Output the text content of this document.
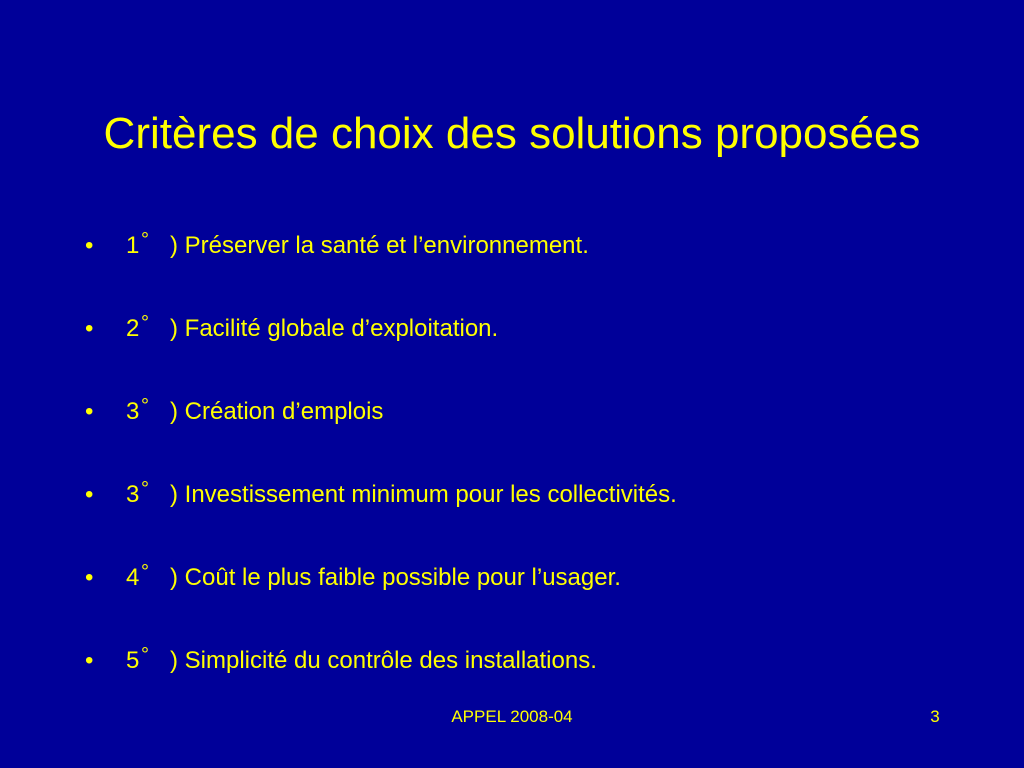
Critères de choix des solutions proposées
•	1 ° ) Préserver la santé et l’environnement.
•	2 ° ) Facilité globale d’exploitation.
•	3 ° ) Création d’emplois
•	3 ° ) Investissement minimum pour les collectivités.
•	4 ° ) Coût le plus faible possible pour l’usager.
•	5 ° ) Simplicité du contrôle des installations.
APPEL 2008-04	3
